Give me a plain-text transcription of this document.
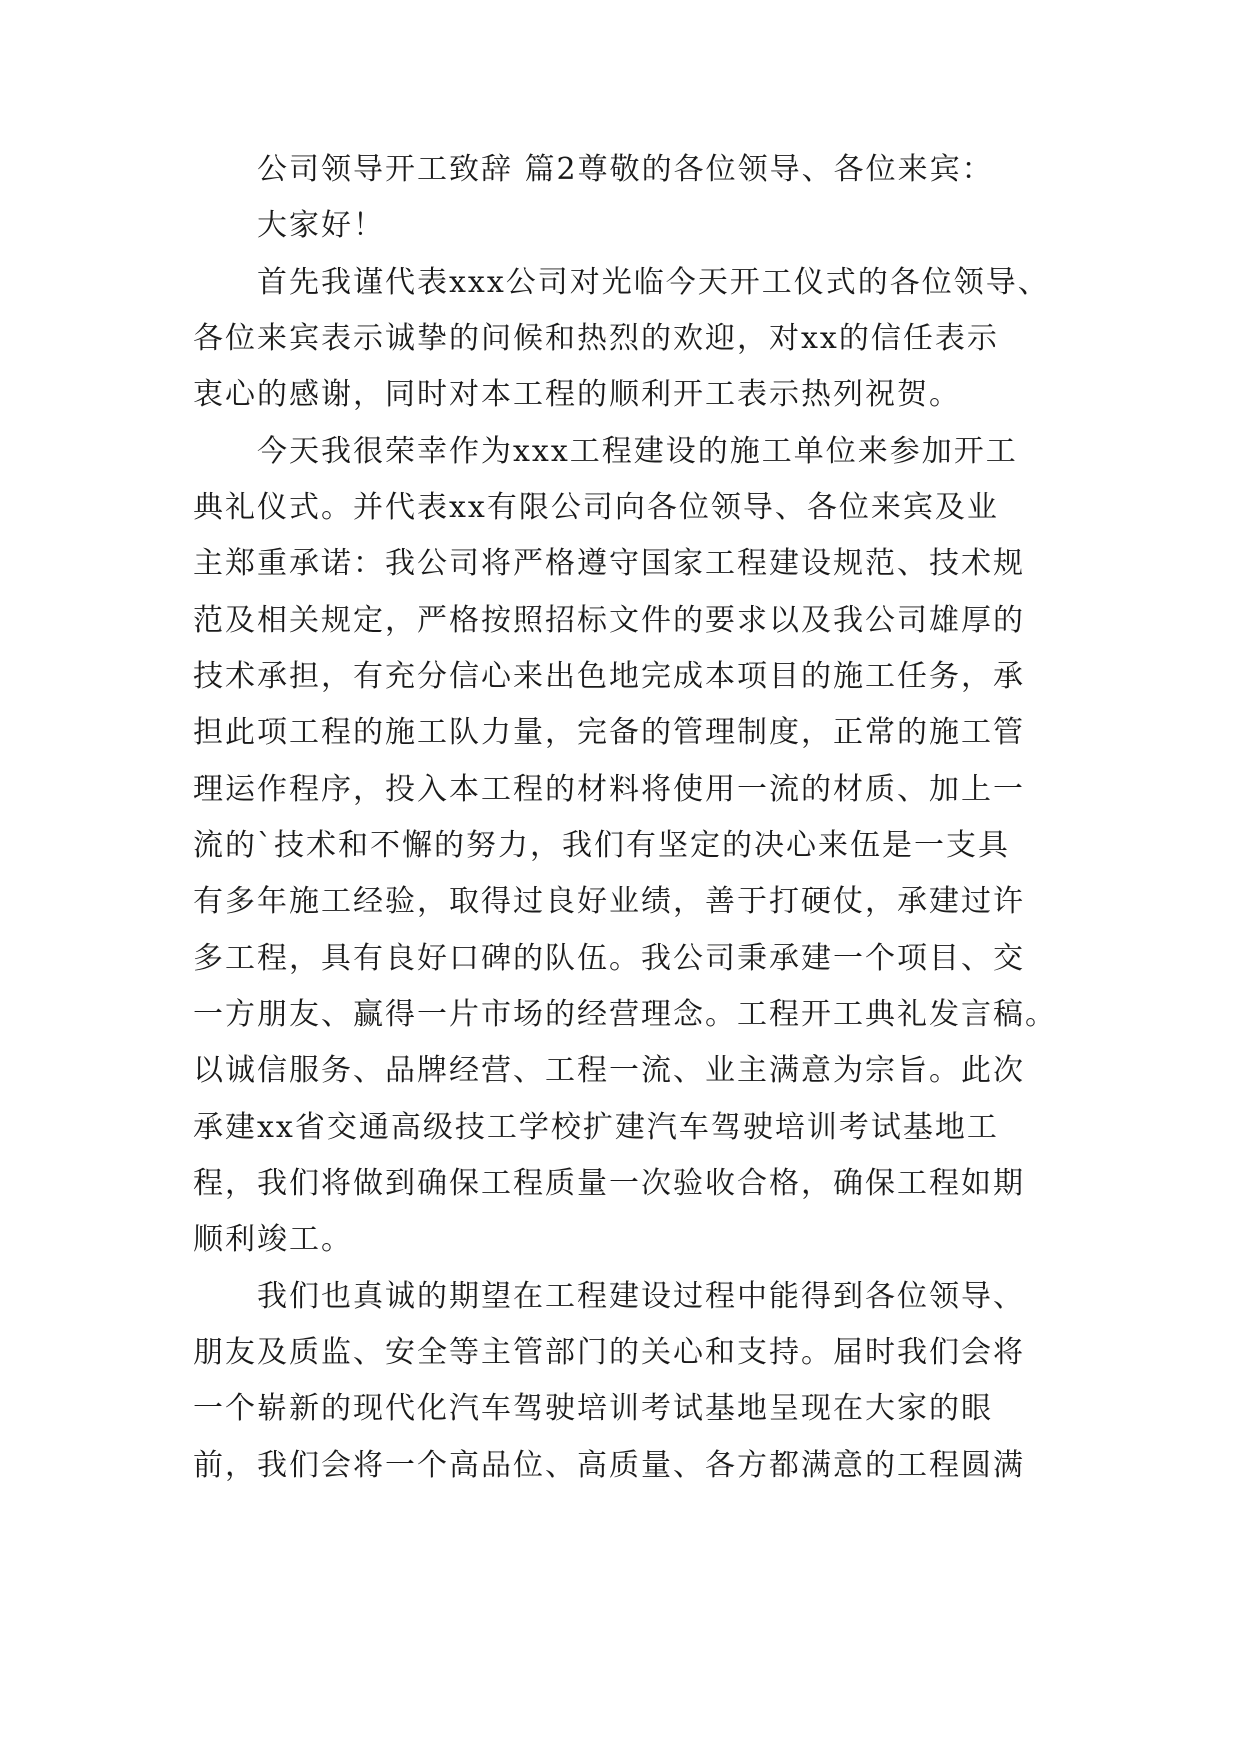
公司领导开工致辞 篇2尊敬的各位领导、各位来宾：

大家好！

首先我谨代表xxx公司对光临今天开工仪式的各位领导、

各位来宾表示诚挚的问候和热烈的欢迎，对xx的信任表示

衷心的感谢，同时对本工程的顺利开工表示热列祝贺。

今天我很荣幸作为xxx工程建设的施工单位来参加开工

典礼仪式。并代表xx有限公司向各位领导、各位来宾及业

主郑重承诺：我公司将严格遵守国家工程建设规范、技术规

范及相关规定，严格按照招标文件的要求以及我公司雄厚的

技术承担，有充分信心来出色地完成本项目的施工任务，承

担此项工程的施工队力量，完备的管理制度，正常的施工管

理运作程序，投入本工程的材料将使用一流的材质、加上一

流的`技术和不懈的努力，我们有坚定的决心来伍是一支具

有多年施工经验，取得过良好业绩，善于打硬仗，承建过许

多工程，具有良好口碑的队伍。我公司秉承建一个项目、交

一方朋友、赢得一片市场的经营理念。工程开工典礼发言稿。

以诚信服务、品牌经营、工程一流、业主满意为宗旨。此次

承建xx省交通高级技工学校扩建汽车驾驶培训考试基地工

程，我们将做到确保工程质量一次验收合格，确保工程如期

顺利竣工。

我们也真诚的期望在工程建设过程中能得到各位领导、

朋友及质监、安全等主管部门的关心和支持。届时我们会将

一个崭新的现代化汽车驾驶培训考试基地呈现在大家的眼

前，我们会将一个高品位、高质量、各方都满意的工程圆满
